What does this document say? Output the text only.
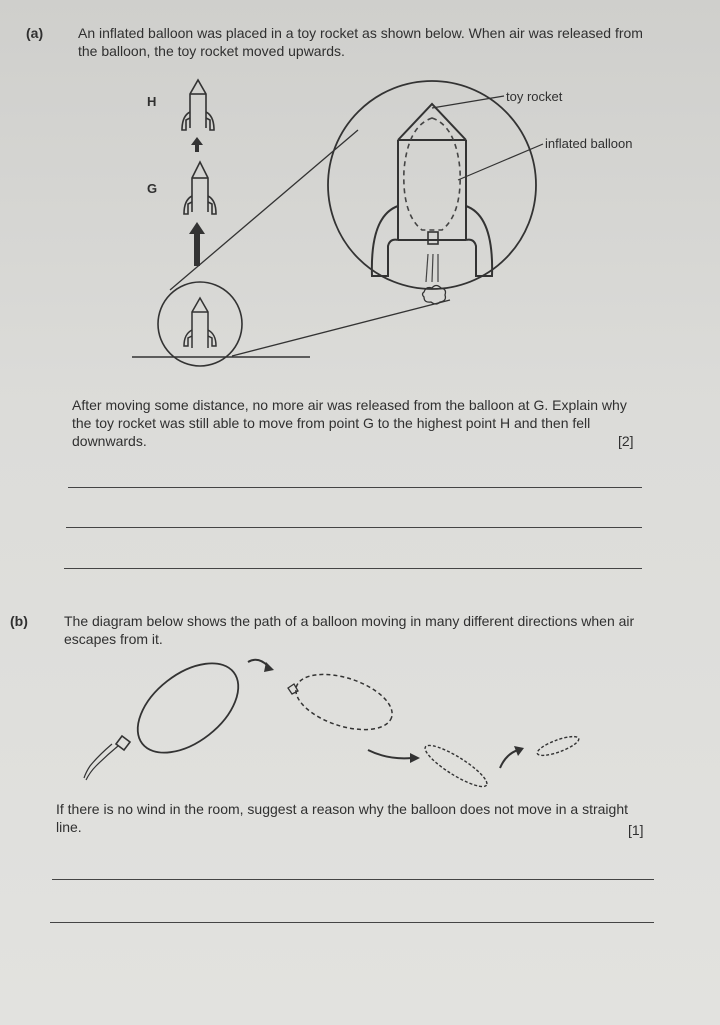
(a) An inflated balloon was placed in a toy rocket as shown below. When air was released from the balloon, the toy rocket moved upwards.
H
G
toy rocket
inflated balloon
After moving some distance, no more air was released from the balloon at G. Explain why the toy rocket was still able to move from point G to the highest point H and then fell downwards.	[2]
(b)	The diagram below shows the path of a balloon moving in many different directions when air escapes from it.
If there is no wind in the room, suggest a reason why the balloon does not move in a straight line.	[1]
